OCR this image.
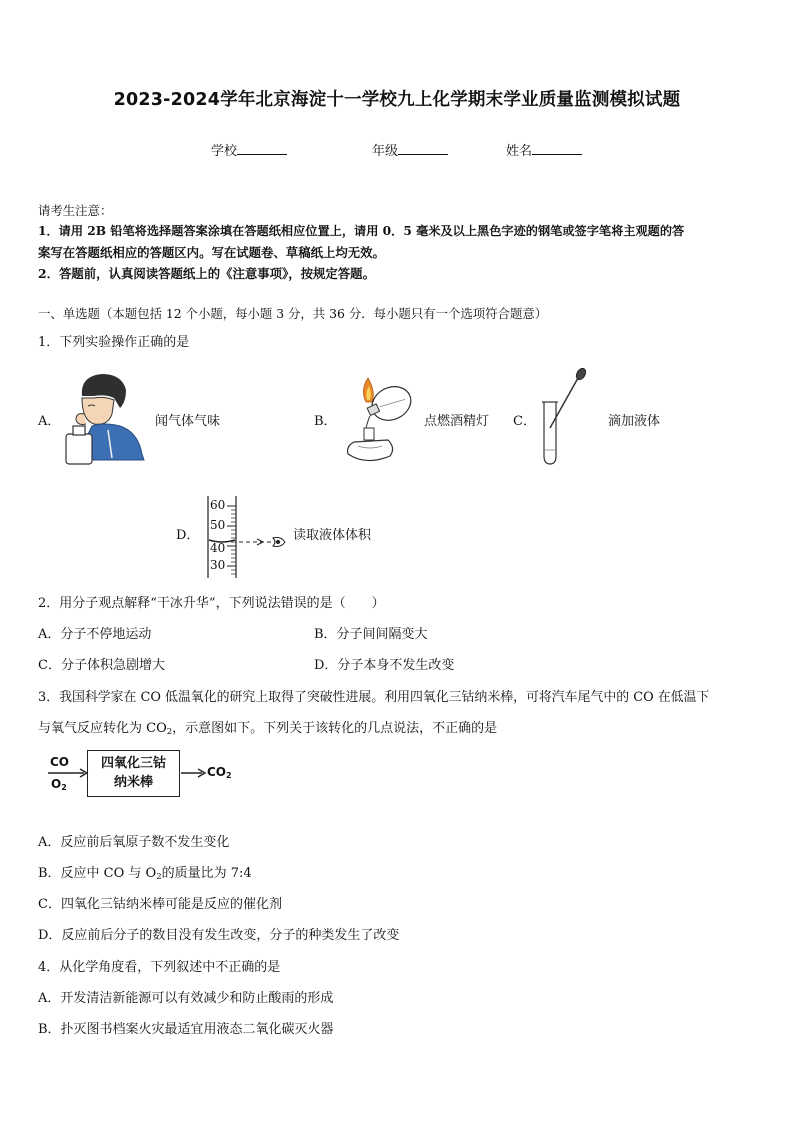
2023-2024学年北京海淀十一学校九上化学期末学业质量监测模拟试题
学校	年级	姓名
请考生注意：
1．请用 2B 铅笔将选择题答案涂填在答题纸相应位置上，请用 0．5 毫米及以上黑色字迹的钢笔或签字笔将主观题的答
案写在答题纸相应的答题区内。写在试题卷、草稿纸上均无效。
2．答题前，认真阅读答题纸上的《注意事项》，按规定答题。
一、单选题（本题包括 12 个小题，每小题 3 分，共 36 分．每小题只有一个选项符合题意）
1．下列实验操作正确的是
A．	闻气体气味	B．	点燃酒精灯 C．	滴加液体
D．
60
50
40
30
读取液体体积
2．用分子观点解释“干冰升华”，下列说法错误的是（　　）
A．分子不停地运动	B．分子间间隔变大
C．分子体积急剧增大	D．分子本身不发生改变
3．我国科学家在 CO 低温氧化的研究上取得了突破性进展。利用四氧化三钴纳米棒，可将汽车尾气中的 CO 在低温下
与氧气反应转化为 CO2，示意图如下。下列关于该转化的几点说法，不正确的是
CO
O2
四氧化三钴
纳米棒
CO2
A．反应前后氧原子数不发生变化
B．反应中 CO 与 O2的质量比为 7:4
C．四氧化三钴纳米棒可能是反应的催化剂
D．反应前后分子的数目没有发生改变，分子的种类发生了改变
4．从化学角度看，下列叙述中不正确的是
A．开发清洁新能源可以有效减少和防止酸雨的形成
B．扑灭图书档案火灾最适宜用液态二氧化碳灭火器
